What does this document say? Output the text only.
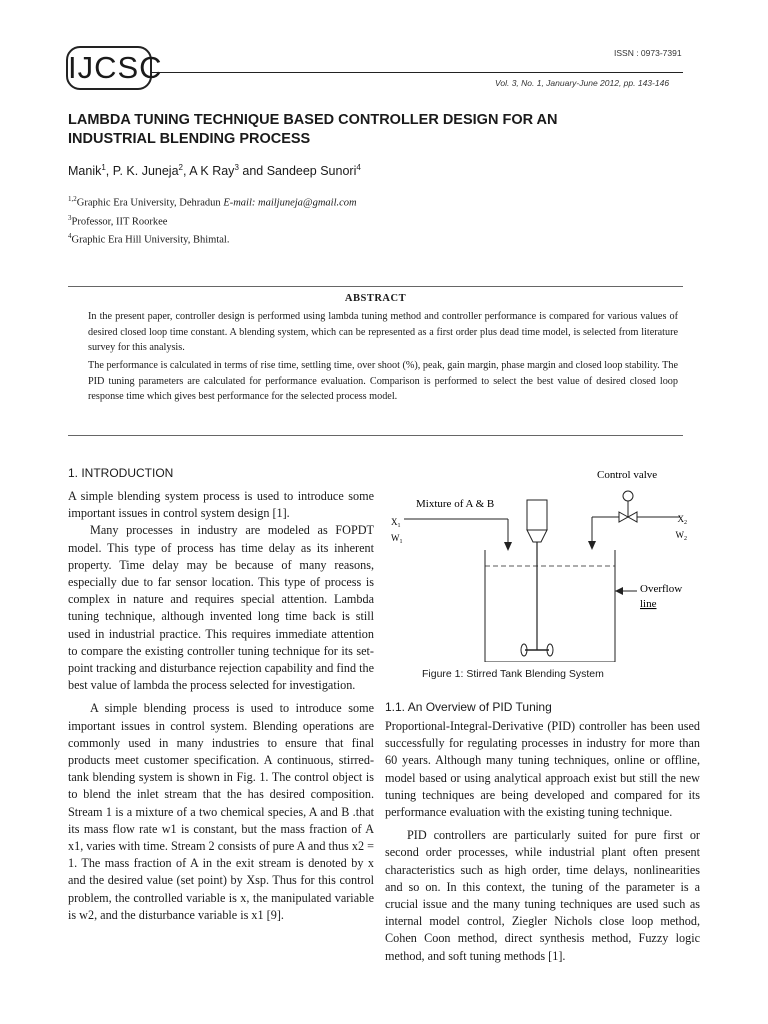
IJCSC	ISSN : 0973-7391
Vol. 3, No. 1, January-June 2012, pp. 143-146
LAMBDA TUNING TECHNIQUE BASED CONTROLLER DESIGN FOR AN
INDUSTRIAL BLENDING PROCESS
Manik$^1$, P. K. Juneja$^2$, A K Ray$^3$ and Sandeep Sunori$^4$
$^{1,2}$Graphic Era University, Dehradun E-mail: mailjuneja@gmail.com
$^3$Professor, IIT Roorkee
$^4$Graphic Era Hill University, Bhimtal.
ABSTRACT
In the present paper, controller design is performed using lambda tuning method and controller performance is compared for various values of desired closed loop time constant. A blending system, which can be represented as a first order plus dead time model, is selected from literature survey for this analysis.
The performance is calculated in terms of rise time, settling time, over shoot (%), peak, gain margin, phase margin and closed loop stability. The PID tuning parameters are calculated for performance evaluation. Comparison is performed to select the best value of desired closed loop response time which gives best performance for the selected process model.
1. INTRODUCTION

A simple blending system process is used to introduce some important issues in control system design [1].

Many processes in industry are modeled as FOPDT model. This type of process has time delay as its inherent property. Time delay may be because of many reasons, especially due to far sensor location. This type of process is complex in nature and requires special attention. Lambda tuning technique, although invented long time back is still used in industrial practice. This requires immediate attention to compare the existing controller tuning technique for its set-point tracking and disturbance rejection capability and find the best value of lambda the process selected for investigation.

A simple blending process is used to introduce some important issues in control system. Blending operations are commonly used in many industries to ensure that final products meet customer specification. A continuous, stirred-tank blending system is shown in Fig. 1. The control object is to blend the inlet stream that the has desired composition. Stream 1 is a mixture of a two chemical species, A and B .that its mass flow rate w1 is constant, but the mass fraction of A x1, varies with time. Stream 2 consists of pure A and thus x2 = 1. The mass fraction of A in the exit stream is denoted by x and the desired value (set point) by Xsp. Thus for this control problem, the controlled variable is x, the manipulated variable is w2, and the disturbance variable is x1 [9].

Control valve
Mixture of A & B
$X_1$
$W_1$
$X_2$
$W_2$
Overflow
line
Figure 1: Stirred Tank Blending System
1.1. An Overview of PID Tuning

Proportional-Integral-Derivative (PID) controller has been used successfully for regulating processes in industry for more than 60 years. Although many tuning techniques, online or offline, model based or using analytical approach exist but still the new tuning techniques are being developed and compared for its performance evaluation with the existing tuning technique.

PID controllers are particularly suited for pure first or second order processes, while industrial plant often present characteristics such as high order, time delays, nonlinearities and so on. In this context, the tuning of the parameter is a crucial issue and the many tuning techniques are used such as internal model control, Ziegler Nichols close loop method, Cohen Coon method, direct synthesis method, Fuzzy logic method, and soft tuning methods [1].
